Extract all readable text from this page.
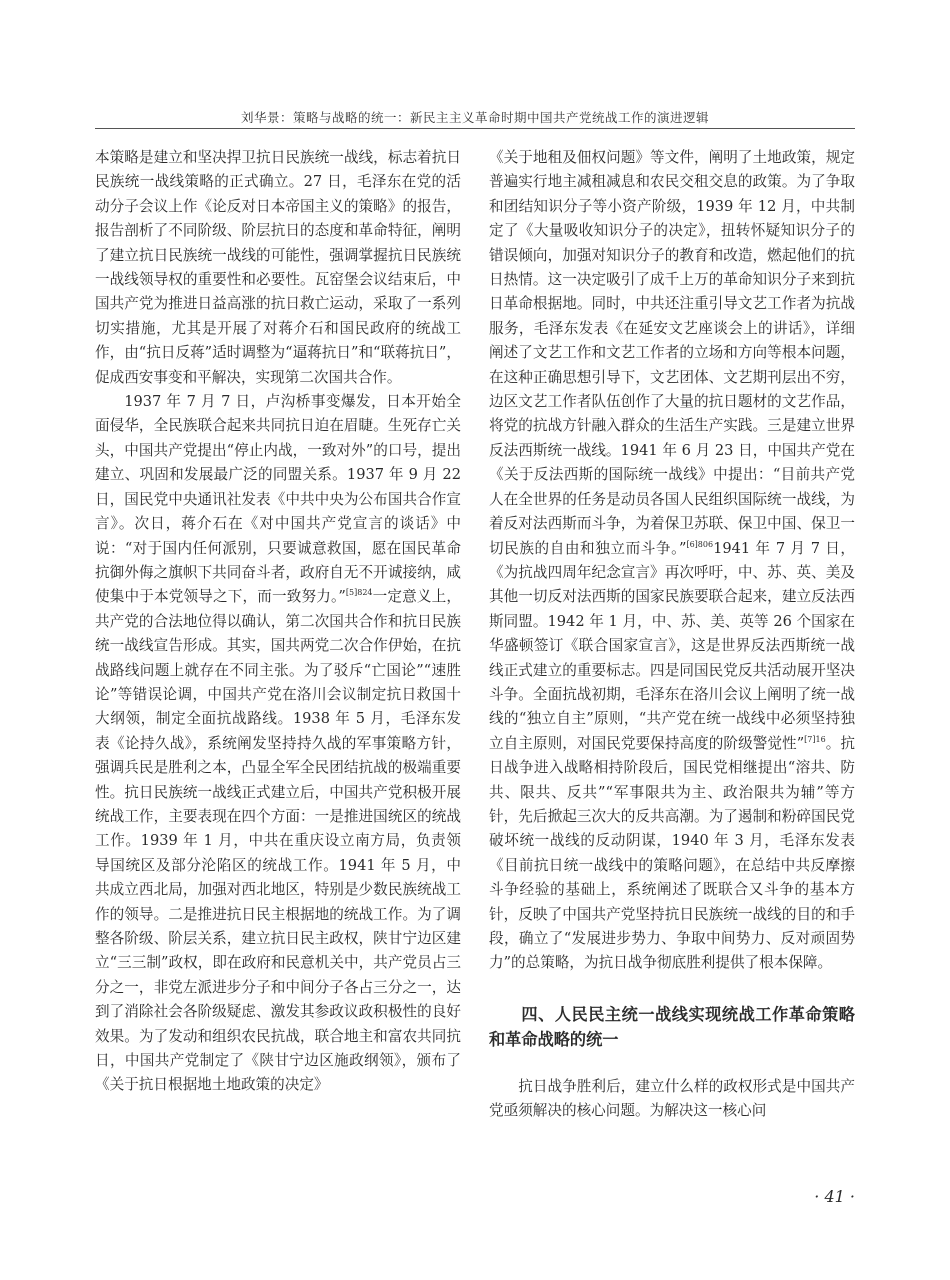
刘华景：策略与战略的统一：新民主主义革命时期中国共产党统战工作的演进逻辑

本策略是建立和坚决捍卫抗日民族统一战线，标志着抗日民族统一战线策略的正式确立。27 日，毛泽东在党的活动分子会议上作《论反对日本帝国主义的策略》的报告，报告剖析了不同阶级、阶层抗日的态度和革命特征，阐明了建立抗日民族统一战线的可能性，强调掌握抗日民族统一战线领导权的重要性和必要性。瓦窑堡会议结束后，中国共产党为推进日益高涨的抗日救亡运动，采取了一系列切实措施，尤其是开展了对蒋介石和国民政府的统战工作，由“抗日反蒋”适时调整为“逼蒋抗日”和“联蒋抗日”，促成西安事变和平解决，实现第二次国共合作。

1937 年 7 月 7 日，卢沟桥事变爆发，日本开始全面侵华，全民族联合起来共同抗日迫在眉睫。生死存亡关头，中国共产党提出“停止内战，一致对外”的口号，提出建立、巩固和发展最广泛的同盟关系。1937 年 9 月 22 日，国民党中央通讯社发表《中共中央为公布国共合作宣言》。次日，蒋介石在《对中国共产党宣言的谈话》中说：“对于国内任何派别，只要诚意救国，愿在国民革命抗御外侮之旗帜下共同奋斗者，政府自无不开诚接纳，咸使集中于本党领导之下，而一致努力。”$^{[5]824}$一定意义上，共产党的合法地位得以确认，第二次国共合作和抗日民族统一战线宣告形成。其实，国共两党二次合作伊始，在抗战路线问题上就存在不同主张。为了驳斥“亡国论”“速胜论”等错误论调，中国共产党在洛川会议制定抗日救国十大纲领，制定全面抗战路线。1938 年 5 月，毛泽东发表《论持久战》，系统阐发坚持持久战的军事策略方针，强调兵民是胜利之本，凸显全军全民团结抗战的极端重要性。抗日民族统一战线正式建立后，中国共产党积极开展统战工作，主要表现在四个方面：一是推进国统区的统战工作。1939 年 1 月，中共在重庆设立南方局，负责领导国统区及部分沦陷区的统战工作。1941 年 5 月，中共成立西北局，加强对西北地区，特别是少数民族统战工作的领导。二是推进抗日民主根据地的统战工作。为了调整各阶级、阶层关系，建立抗日民主政权，陕甘宁边区建立“三三制”政权，即在政府和民意机关中，共产党员占三分之一，非党左派进步分子和中间分子各占三分之一，达到了消除社会各阶级疑虑、激发其参政议政积极性的良好效果。为了发动和组织农民抗战，联合地主和富农共同抗日，中国共产党制定了《陕甘宁边区施政纲领》，颁布了《关于抗日根据地土地政策的决定》

《关于地租及佃权问题》等文件，阐明了土地政策，规定普遍实行地主减租减息和农民交租交息的政策。为了争取和团结知识分子等小资产阶级，1939 年 12 月，中共制定了《大量吸收知识分子的决定》，扭转怀疑知识分子的错误倾向，加强对知识分子的教育和改造，燃起他们的抗日热情。这一决定吸引了成千上万的革命知识分子来到抗日革命根据地。同时，中共还注重引导文艺工作者为抗战服务，毛泽东发表《在延安文艺座谈会上的讲话》，详细阐述了文艺工作和文艺工作者的立场和方向等根本问题，在这种正确思想引导下，文艺团体、文艺期刊层出不穷，边区文艺工作者队伍创作了大量的抗日题材的文艺作品，将党的抗战方针融入群众的生活生产实践。三是建立世界反法西斯统一战线。1941 年 6 月 23 日，中国共产党在《关于反法西斯的国际统一战线》中提出：“目前共产党人在全世界的任务是动员各国人民组织国际统一战线，为着反对法西斯而斗争，为着保卫苏联、保卫中国、保卫一切民族的自由和独立而斗争。”$^{[6]806}$1941 年 7 月 7 日，《为抗战四周年纪念宣言》再次呼吁，中、苏、英、美及其他一切反对法西斯的国家民族要联合起来，建立反法西斯同盟。1942 年 1 月，中、苏、美、英等 26 个国家在华盛顿签订《联合国家宣言》，这是世界反法西斯统一战线正式建立的重要标志。四是同国民党反共活动展开坚决斗争。全面抗战初期，毛泽东在洛川会议上阐明了统一战线的“独立自主”原则，“共产党在统一战线中必须坚持独立自主原则，对国民党要保持高度的阶级警觉性”$^{[7]16}$。抗日战争进入战略相持阶段后，国民党相继提出“溶共、防共、限共、反共”“军事限共为主、政治限共为辅”等方针，先后掀起三次大的反共高潮。为了遏制和粉碎国民党破坏统一战线的反动阴谋，1940 年 3 月，毛泽东发表《目前抗日统一战线中的策略问题》，在总结中共反摩擦斗争经验的基础上，系统阐述了既联合又斗争的基本方针，反映了中国共产党坚持抗日民族统一战线的目的和手段，确立了“发展进步势力、争取中间势力、反对顽固势力”的总策略，为抗日战争彻底胜利提供了根本保障。

四、人民民主统一战线实现统战工作革命策略和革命战略的统一

抗日战争胜利后，建立什么样的政权形式是中国共产党亟须解决的核心问题。为解决这一核心问

· 41 ·
